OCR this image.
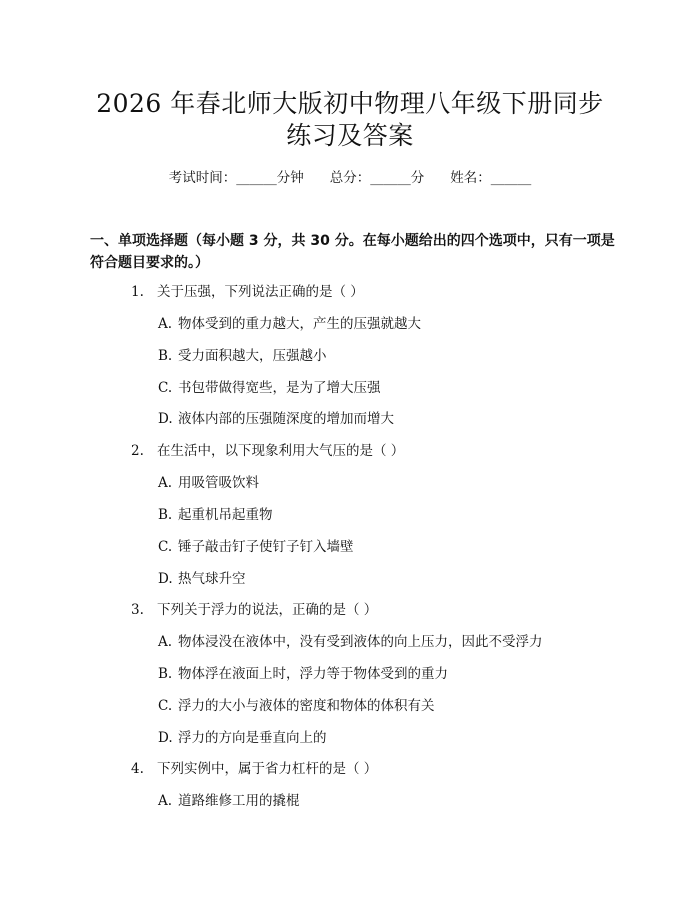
2026 年春北师大版初中物理八年级下册同步
练习及答案
考试时间：______分钟 总分：______分 姓名：______
一、单项选择题（每小题 3 分，共 30 分。在每小题给出的四个选项中，只有一项是符合题目要求的。）
1. 关于压强，下列说法正确的是（ ）
A. 物体受到的重力越大，产生的压强就越大
B. 受力面积越大，压强越小
C. 书包带做得宽些，是为了增大压强
D. 液体内部的压强随深度的增加而增大
2. 在生活中，以下现象利用大气压的是（ ）
A. 用吸管吸饮料
B. 起重机吊起重物
C. 锤子敲击钉子使钉子钉入墙壁
D. 热气球升空
3. 下列关于浮力的说法，正确的是（ ）
A. 物体浸没在液体中，没有受到液体的向上压力，因此不受浮力
B. 物体浮在液面上时，浮力等于物体受到的重力
C. 浮力的大小与液体的密度和物体的体积有关
D. 浮力的方向是垂直向上的
4. 下列实例中，属于省力杠杆的是（ ）
A. 道路维修工用的撬棍
